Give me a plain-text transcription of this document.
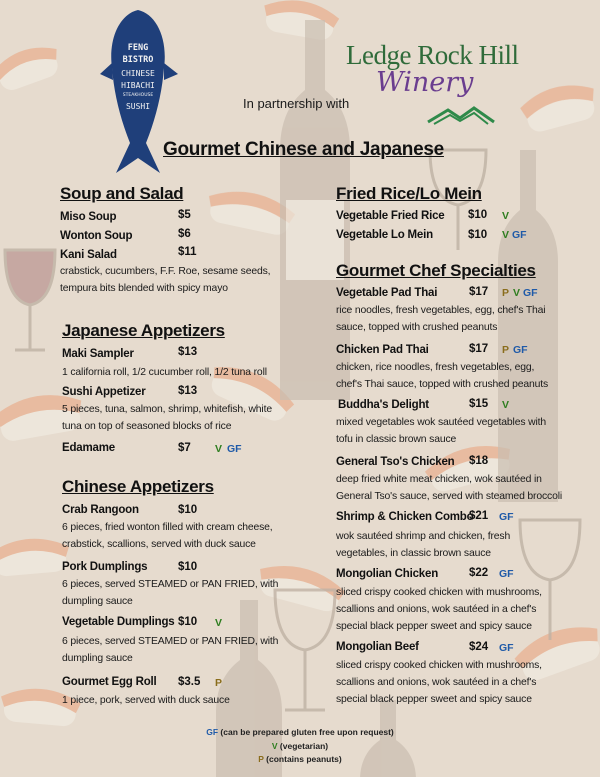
FENG
BISTRO
CHINESE
HIBACHI
STEAKHOUSE
SUSHI
Ledge Rock Hill
Winery
In partnership with
Gourmet Chinese and Japanese
Soup and Salad
Miso Soup	$5
Wonton Soup	$6
Kani Salad	$11
crabstick, cucumbers, F.F. Roe, sesame seeds,
tempura bits blended with spicy mayo
Japanese Appetizers
Maki Sampler	$13
1 california roll, 1/2 cucumber roll, 1/2 tuna roll
Sushi Appetizer	$13
5 pieces, tuna, salmon, shrimp, whitefish, white
tuna on top of seasoned blocks of rice
Edamame	$7 V GF
Chinese Appetizers
Crab Rangoon	$10
6 pieces, fried wonton filled with cream cheese,
crabstick, scallions, served with duck sauce
Pork Dumplings	$10
6 pieces, served STEAMED or PAN FRIED, with
dumpling sauce
Vegetable Dumplings $10 V
6 pieces, served STEAMED or PAN FRIED, with
dumpling sauce
Gourmet Egg Roll $3.5 P
1 piece, pork, served with duck sauce
Fried Rice/Lo Mein
Vegetable Fried Rice $10 V
Vegetable Lo Mein	$10 V GF
Gourmet Chef Specialties
Vegetable Pad Thai	$17 P V GF
rice noodles, fresh vegetables, egg, chef's Thai
sauce, topped with crushed peanuts
Chicken Pad Thai	$17 P GF
chicken, rice noodles, fresh vegetables, egg,
chef's Thai sauce, topped with crushed peanuts
Buddha's Delight	$15 V
mixed vegetables wok sautéed vegetables with
tofu in classic brown sauce
General Tso's Chicken $18
deep fried white meat chicken, wok sautéed in
General Tso's sauce, served with steamed broccoli
Shrimp & Chicken Combo
$21 GF
wok sautéed shrimp and chicken, fresh
vegetables, in classic brown sauce
Mongolian Chicken	$22 GF
sliced crispy cooked chicken with mushrooms,
scallions and onions, wok sautéed in a chef's
special black pepper sweet and spicy sauce
Mongolian Beef	$24 GF
sliced crispy cooked chicken with mushrooms,
scallions and onions, wok sautéed in a chef's
special black pepper sweet and spicy sauce
GF (can be prepared gluten free upon request)
V (vegetarian)
P (contains peanuts)
